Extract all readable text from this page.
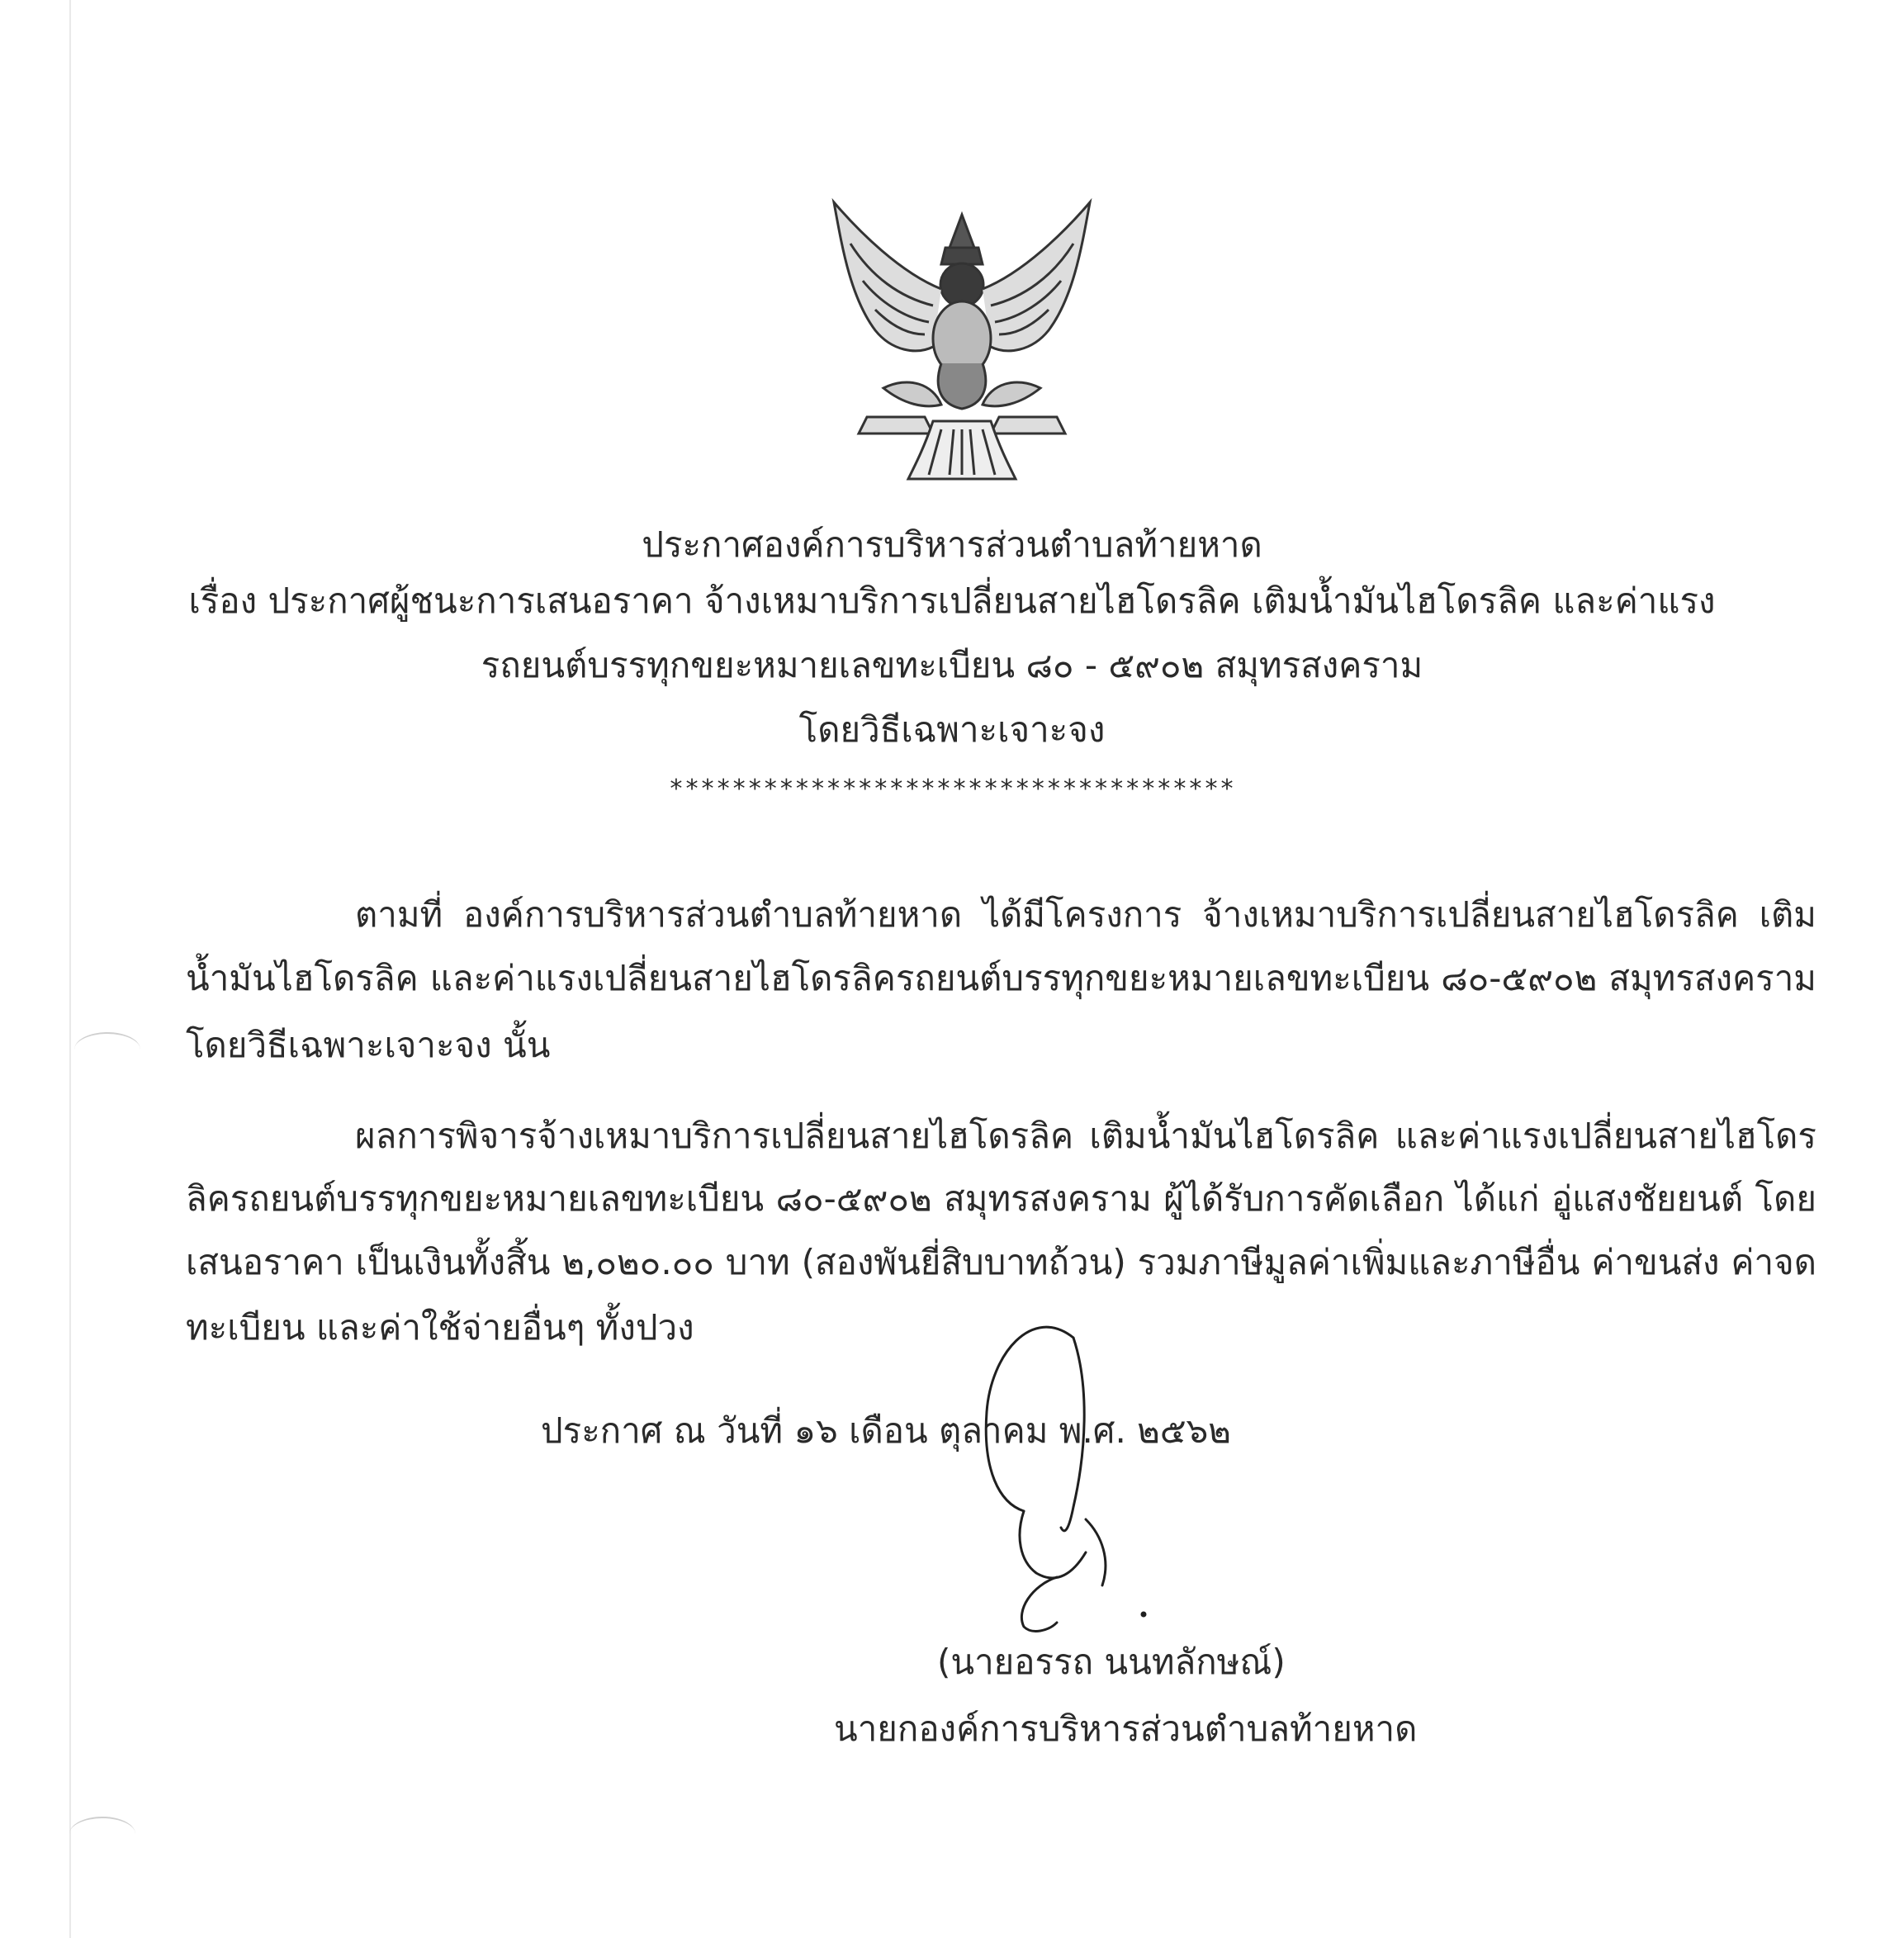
ประกาศองค์การบริหารส่วนตำบลท้ายหาด
เรื่อง ประกาศผู้ชนะการเสนอราคา จ้างเหมาบริการเปลี่ยนสายไฮโดรลิค เติมน้ำมันไฮโดรลิค และค่าแรง
รถยนต์บรรทุกขยะหมายเลขทะเบียน ๘๐ - ๕๙๐๒ สมุทรสงคราม
โดยวิธีเฉพาะเจาะจง
************************************
ตามที่ องค์การบริหารส่วนตำบลท้ายหาด ได้มีโครงการ จ้างเหมาบริการเปลี่ยนสายไฮโดรลิค เติม
น้ำมันไฮโดรลิค และค่าแรงเปลี่ยนสายไฮโดรลิครถยนต์บรรทุกขยะหมายเลขทะเบียน ๘๐-๕๙๐๒ สมุทรสงคราม
โดยวิธีเฉพาะเจาะจง นั้น
ผลการพิจารจ้างเหมาบริการเปลี่ยนสายไฮโดรลิค เติมน้ำมันไฮโดรลิค และค่าแรงเปลี่ยนสายไฮโดร
ลิครถยนต์บรรทุกขยะหมายเลขทะเบียน ๘๐-๕๙๐๒ สมุทรสงคราม ผู้ได้รับการคัดเลือก ได้แก่ อู่แสงชัยยนต์ โดย
เสนอราคา เป็นเงินทั้งสิ้น ๒,๐๒๐.๐๐ บาท (สองพันยี่สิบบาทถ้วน) รวมภาษีมูลค่าเพิ่มและภาษีอื่น ค่าขนส่ง ค่าจด
ทะเบียน และค่าใช้จ่ายอื่นๆ ทั้งปวง
ประกาศ ณ วันที่ ๑๖ เดือน ตุลาคม พ.ศ. ๒๕๖๒
(นายอรรถ นนทลักษณ์)
นายกองค์การบริหารส่วนตำบลท้ายหาด
